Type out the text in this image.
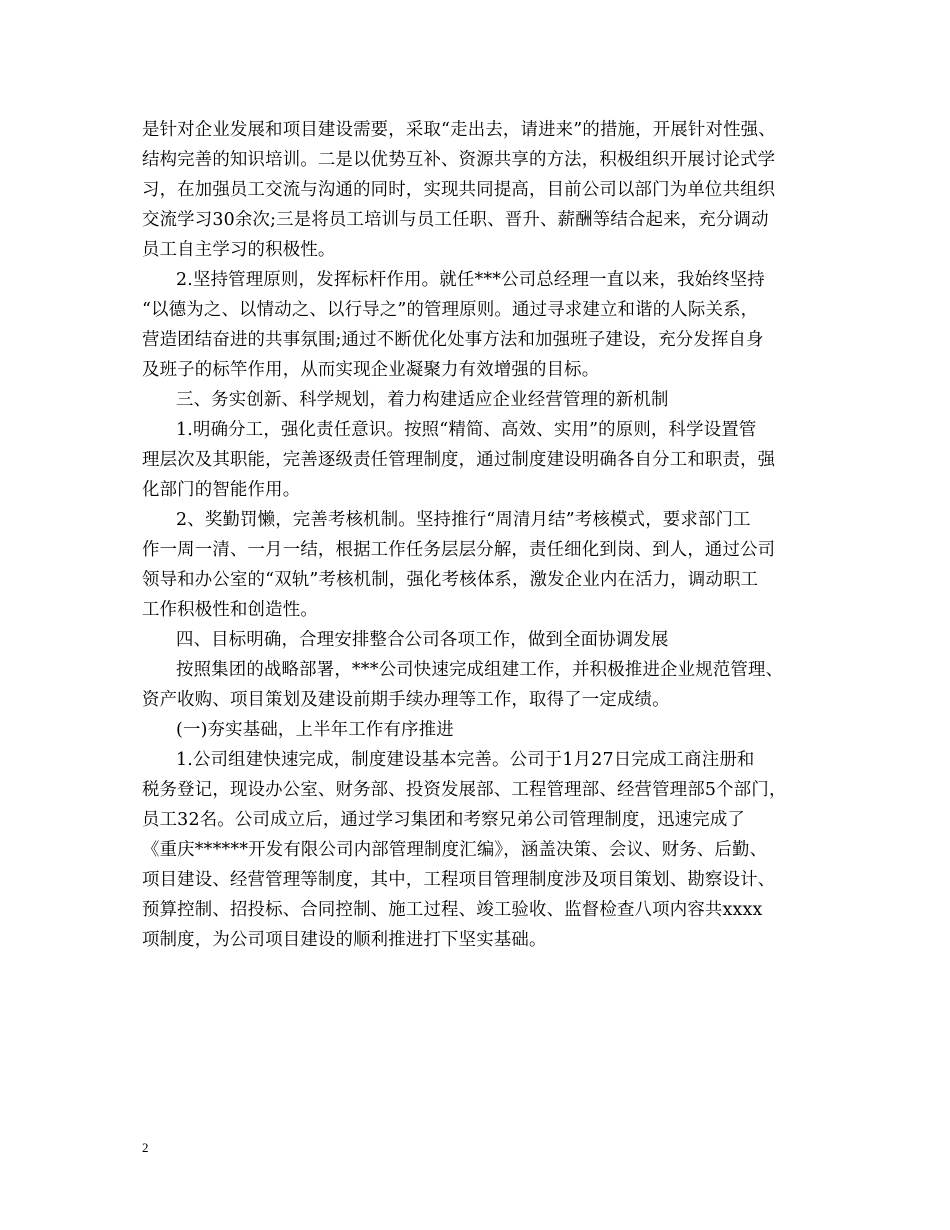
是针对企业发展和项目建设需要，采取“走出去，请进来”的措施，开展针对性强、
结构完善的知识培训。二是以优势互补、资源共享的方法，积极组织开展讨论式学
习，在加强员工交流与沟通的同时，实现共同提高，目前公司以部门为单位共组织
交流学习30余次;三是将员工培训与员工任职、晋升、薪酬等结合起来，充分调动
员工自主学习的积极性。
2.坚持管理原则，发挥标杆作用。就任***公司总经理一直以来，我始终坚持
“以德为之、以情动之、以行导之”的管理原则。通过寻求建立和谐的人际关系，
营造团结奋进的共事氛围;通过不断优化处事方法和加强班子建设，充分发挥自身
及班子的标竿作用，从而实现企业凝聚力有效增强的目标。
三、务实创新、科学规划，着力构建适应企业经营管理的新机制
1.明确分工，强化责任意识。按照“精简、高效、实用”的原则，科学设置管
理层次及其职能，完善逐级责任管理制度，通过制度建设明确各自分工和职责，强
化部门的智能作用。
2、奖勤罚懒，完善考核机制。坚持推行“周清月结”考核模式，要求部门工
作一周一清、一月一结，根据工作任务层层分解，责任细化到岗、到人，通过公司
领导和办公室的“双轨”考核机制，强化考核体系，激发企业内在活力，调动职工
工作积极性和创造性。
四、目标明确，合理安排整合公司各项工作，做到全面协调发展
按照集团的战略部署，***公司快速完成组建工作，并积极推进企业规范管理、
资产收购、项目策划及建设前期手续办理等工作，取得了一定成绩。
(一)夯实基础，上半年工作有序推进
1.公司组建快速完成，制度建设基本完善。公司于1月27日完成工商注册和
税务登记，现设办公室、财务部、投资发展部、工程管理部、经营管理部5个部门，
员工32名。公司成立后，通过学习集团和考察兄弟公司管理制度，迅速完成了
《重庆******开发有限公司内部管理制度汇编》，涵盖决策、会议、财务、后勤、
项目建设、经营管理等制度，其中，工程项目管理制度涉及项目策划、勘察设计、
预算控制、招投标、合同控制、施工过程、竣工验收、监督检查八项内容共xxxx
项制度，为公司项目建设的顺利推进打下坚实基础。
2
